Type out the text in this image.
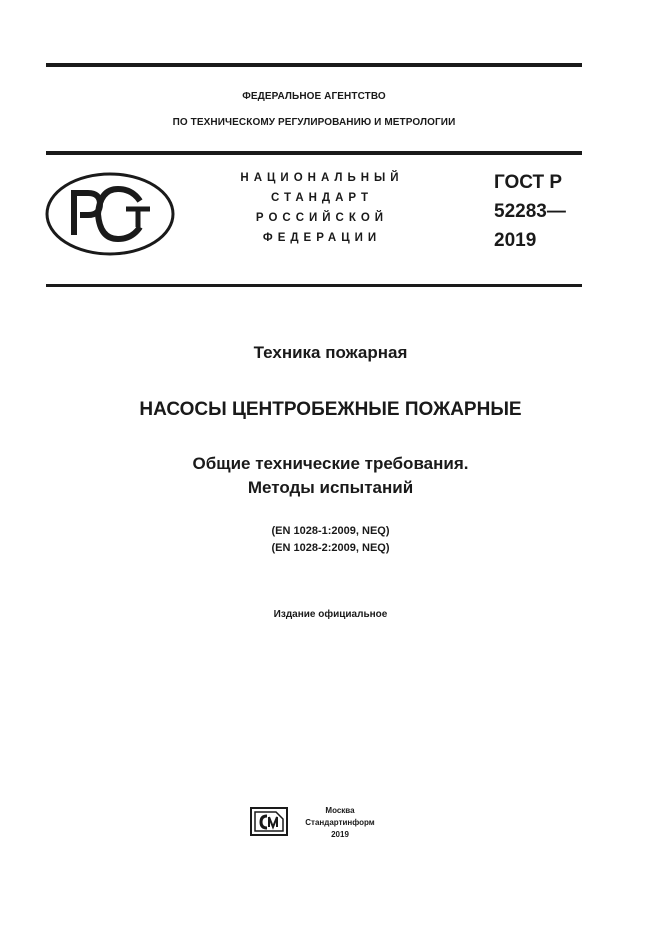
ФЕДЕРАЛЬНОЕ АГЕНТСТВО
ПО ТЕХНИЧЕСКОМУ РЕГУЛИРОВАНИЮ И МЕТРОЛОГИИ
НАЦИОНАЛЬНЫЙ
СТАНДАРТ
РОССИЙСКОЙ
ФЕДЕРАЦИИ
ГОСТ Р
52283—
2019
Техника пожарная
НАСОСЫ ЦЕНТРОБЕЖНЫЕ ПОЖАРНЫЕ
Общие технические требования.
Методы испытаний
(EN 1028-1:2009, NEQ)
(EN 1028-2:2009, NEQ)
Издание официальное
Москва
Стандартинформ
2019
